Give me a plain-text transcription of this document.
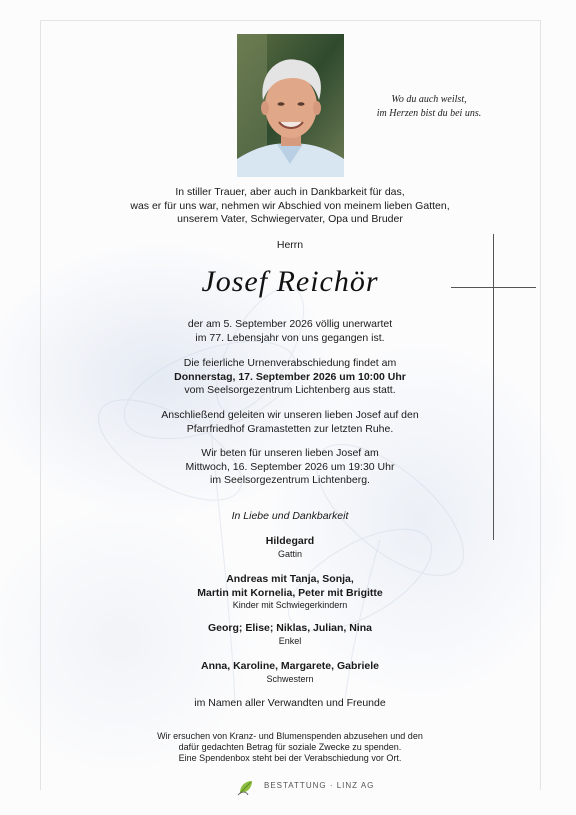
Wo du auch weilst,
im Herzen bist du bei uns.
In stiller Trauer, aber auch in Dankbarkeit für das,
was er für uns war, nehmen wir Abschied von meinem lieben Gatten,
unserem Vater, Schwiegervater, Opa und Bruder
Herrn
Josef Reichör
der am 5. September 2026 völlig unerwartet
im 77. Lebensjahr von uns gegangen ist.
Die feierliche Urnenverabschiedung findet am
Donnerstag, 17. September 2026 um 10:00 Uhr
vom Seelsorgezentrum Lichtenberg aus statt.
Anschließend geleiten wir unseren lieben Josef auf den
Pfarrfriedhof Gramastetten zur letzten Ruhe.
Wir beten für unseren lieben Josef am
Mittwoch, 16. September 2026 um 19:30 Uhr
im Seelsorgezentrum Lichtenberg.
In Liebe und Dankbarkeit
Hildegard
Gattin
Andreas mit Tanja, Sonja,
Martin mit Kornelia, Peter mit Brigitte
Kinder mit Schwiegerkindern
Georg; Elise; Niklas, Julian, Nina
Enkel
Anna, Karoline, Margarete, Gabriele
Schwestern
im Namen aller Verwandten und Freunde
Wir ersuchen von Kranz- und Blumenspenden abzusehen und den
dafür gedachten Betrag für soziale Zwecke zu spenden.
Eine Spendenbox steht bei der Verabschiedung vor Ort.
BESTATTUNG · LINZ AG
